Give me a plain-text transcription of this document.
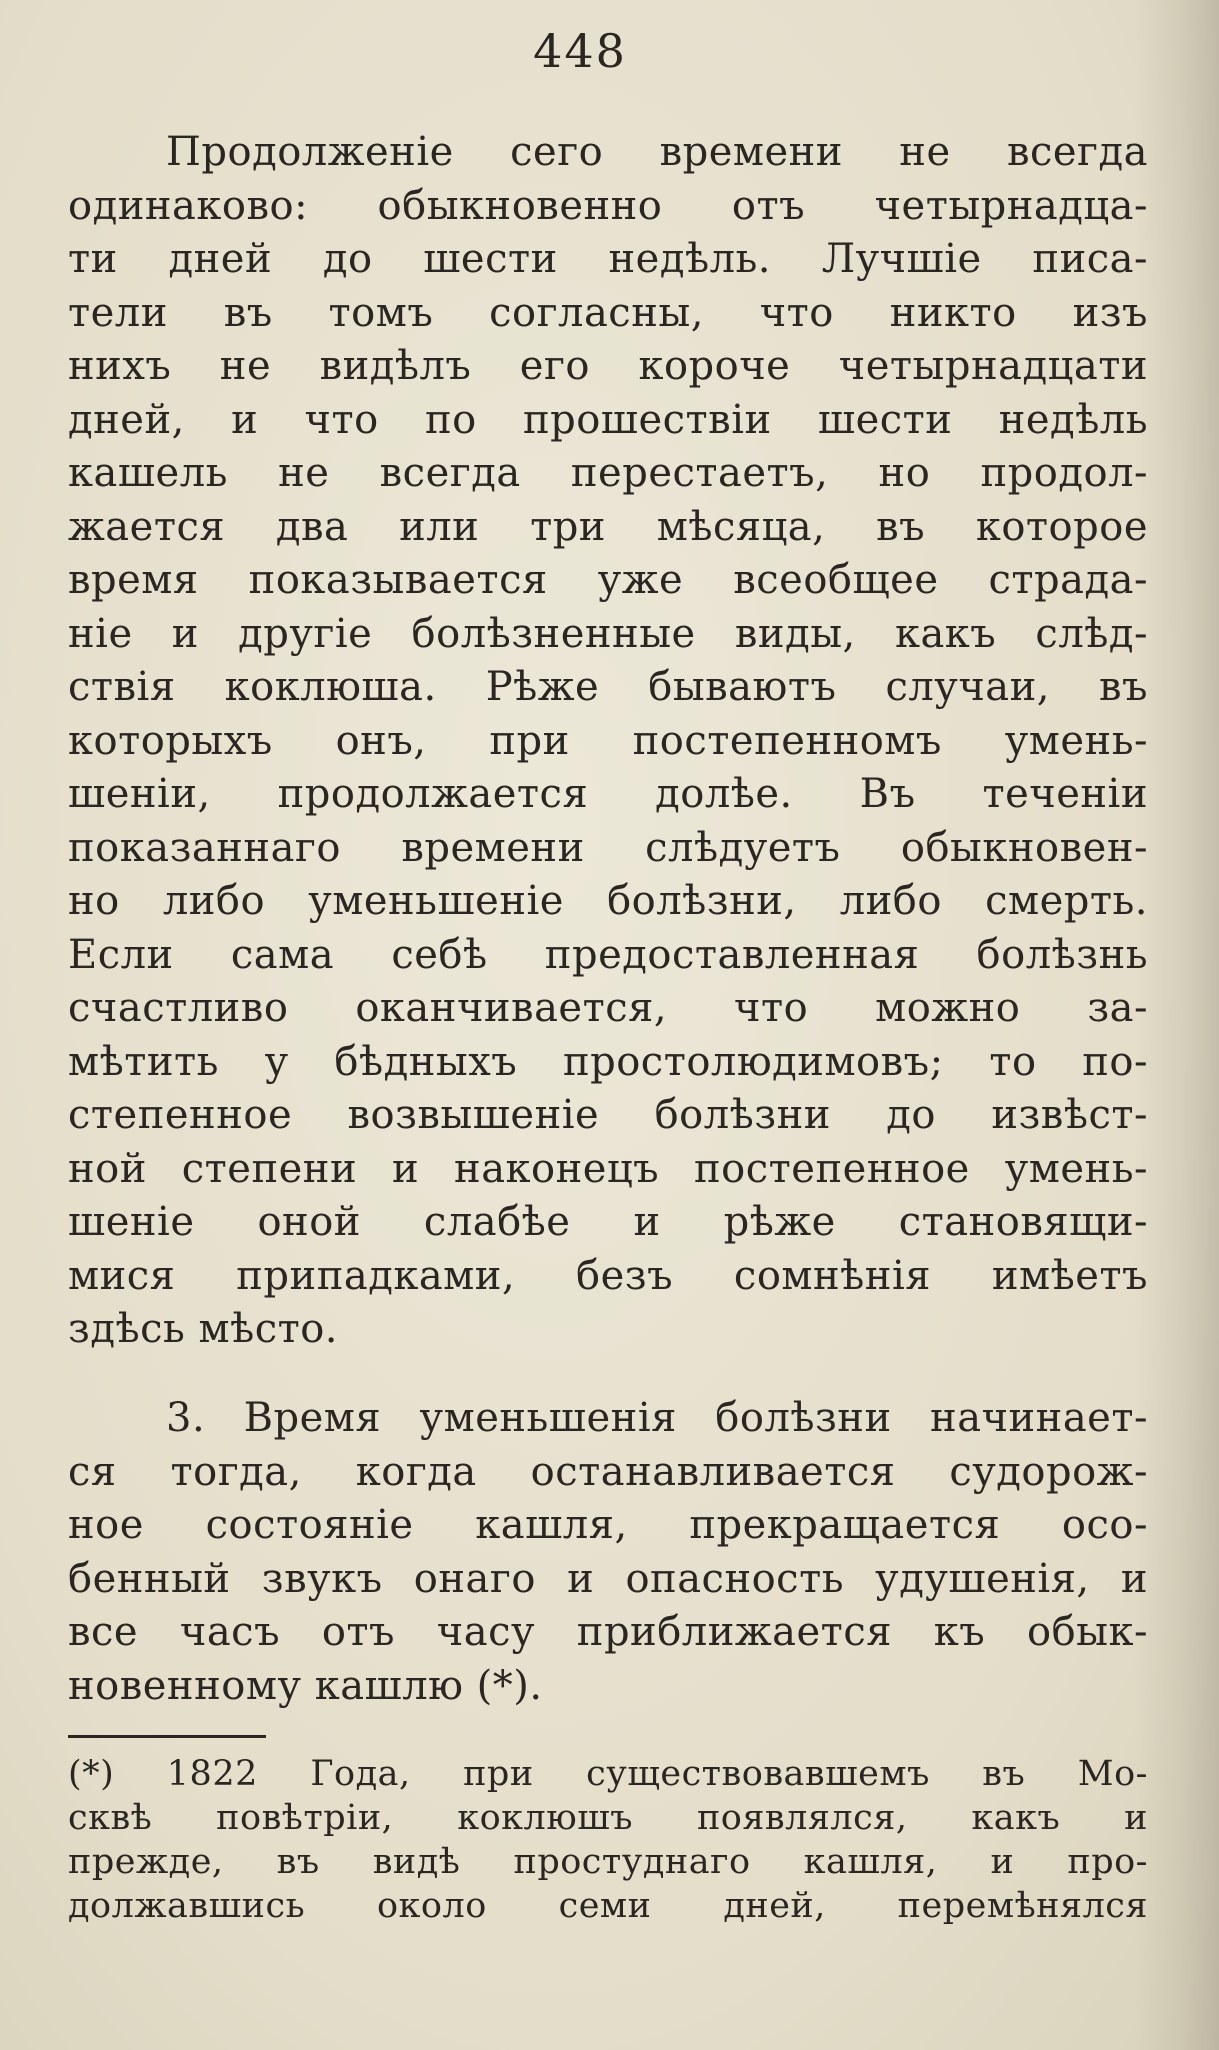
448
Продолженіе сего времени не всегда
одинаково: обыкновенно отъ четырнадца-
ти дней до шести недѣль. Лучшіе писа-
тели въ томъ согласны, что никто изъ
нихъ не видѣлъ его короче четырнадцати
дней, и что по прошествіи шести недѣль
кашель не всегда перестаетъ, но продол-
жается два или три мѣсяца, въ которое
время показывается уже всеобщее страда-
ніе и другіе болѣзненные виды, какъ слѣд-
ствія коклюша. Рѣже бываютъ случаи, въ
которыхъ онъ, при постепенномъ умень-
шеніи, продолжается долѣе. Въ теченіи
показаннаго времени слѣдуетъ обыкновен-
но либо уменьшеніе болѣзни, либо смерть.
Если сама себѣ предоставленная болѣзнь
счастливо оканчивается, что можно за-
мѣтить у бѣдныхъ простолюдимовъ; то по-
степенное возвышеніе болѣзни до извѣст-
ной степени и наконецъ постепенное умень-
шеніе оной слабѣе и рѣже становящи-
мися припадками, безъ сомнѣнія имѣетъ
здѣсь мѣсто.
3. Время уменьшенія болѣзни начинает-
ся тогда, когда останавливается судорож-
ное состояніе кашля, прекращается осо-
бенный звукъ онаго и опасность удушенія, и
все часъ отъ часу приближается къ обык-
новенному кашлю (*).
(*) 1822 Года, при существовавшемъ въ Мо-
сквѣ повѣтріи, коклюшъ появлялся, какъ и
прежде, въ видѣ простуднаго кашля, и про-
должавшись около семи дней, перемѣнялся
